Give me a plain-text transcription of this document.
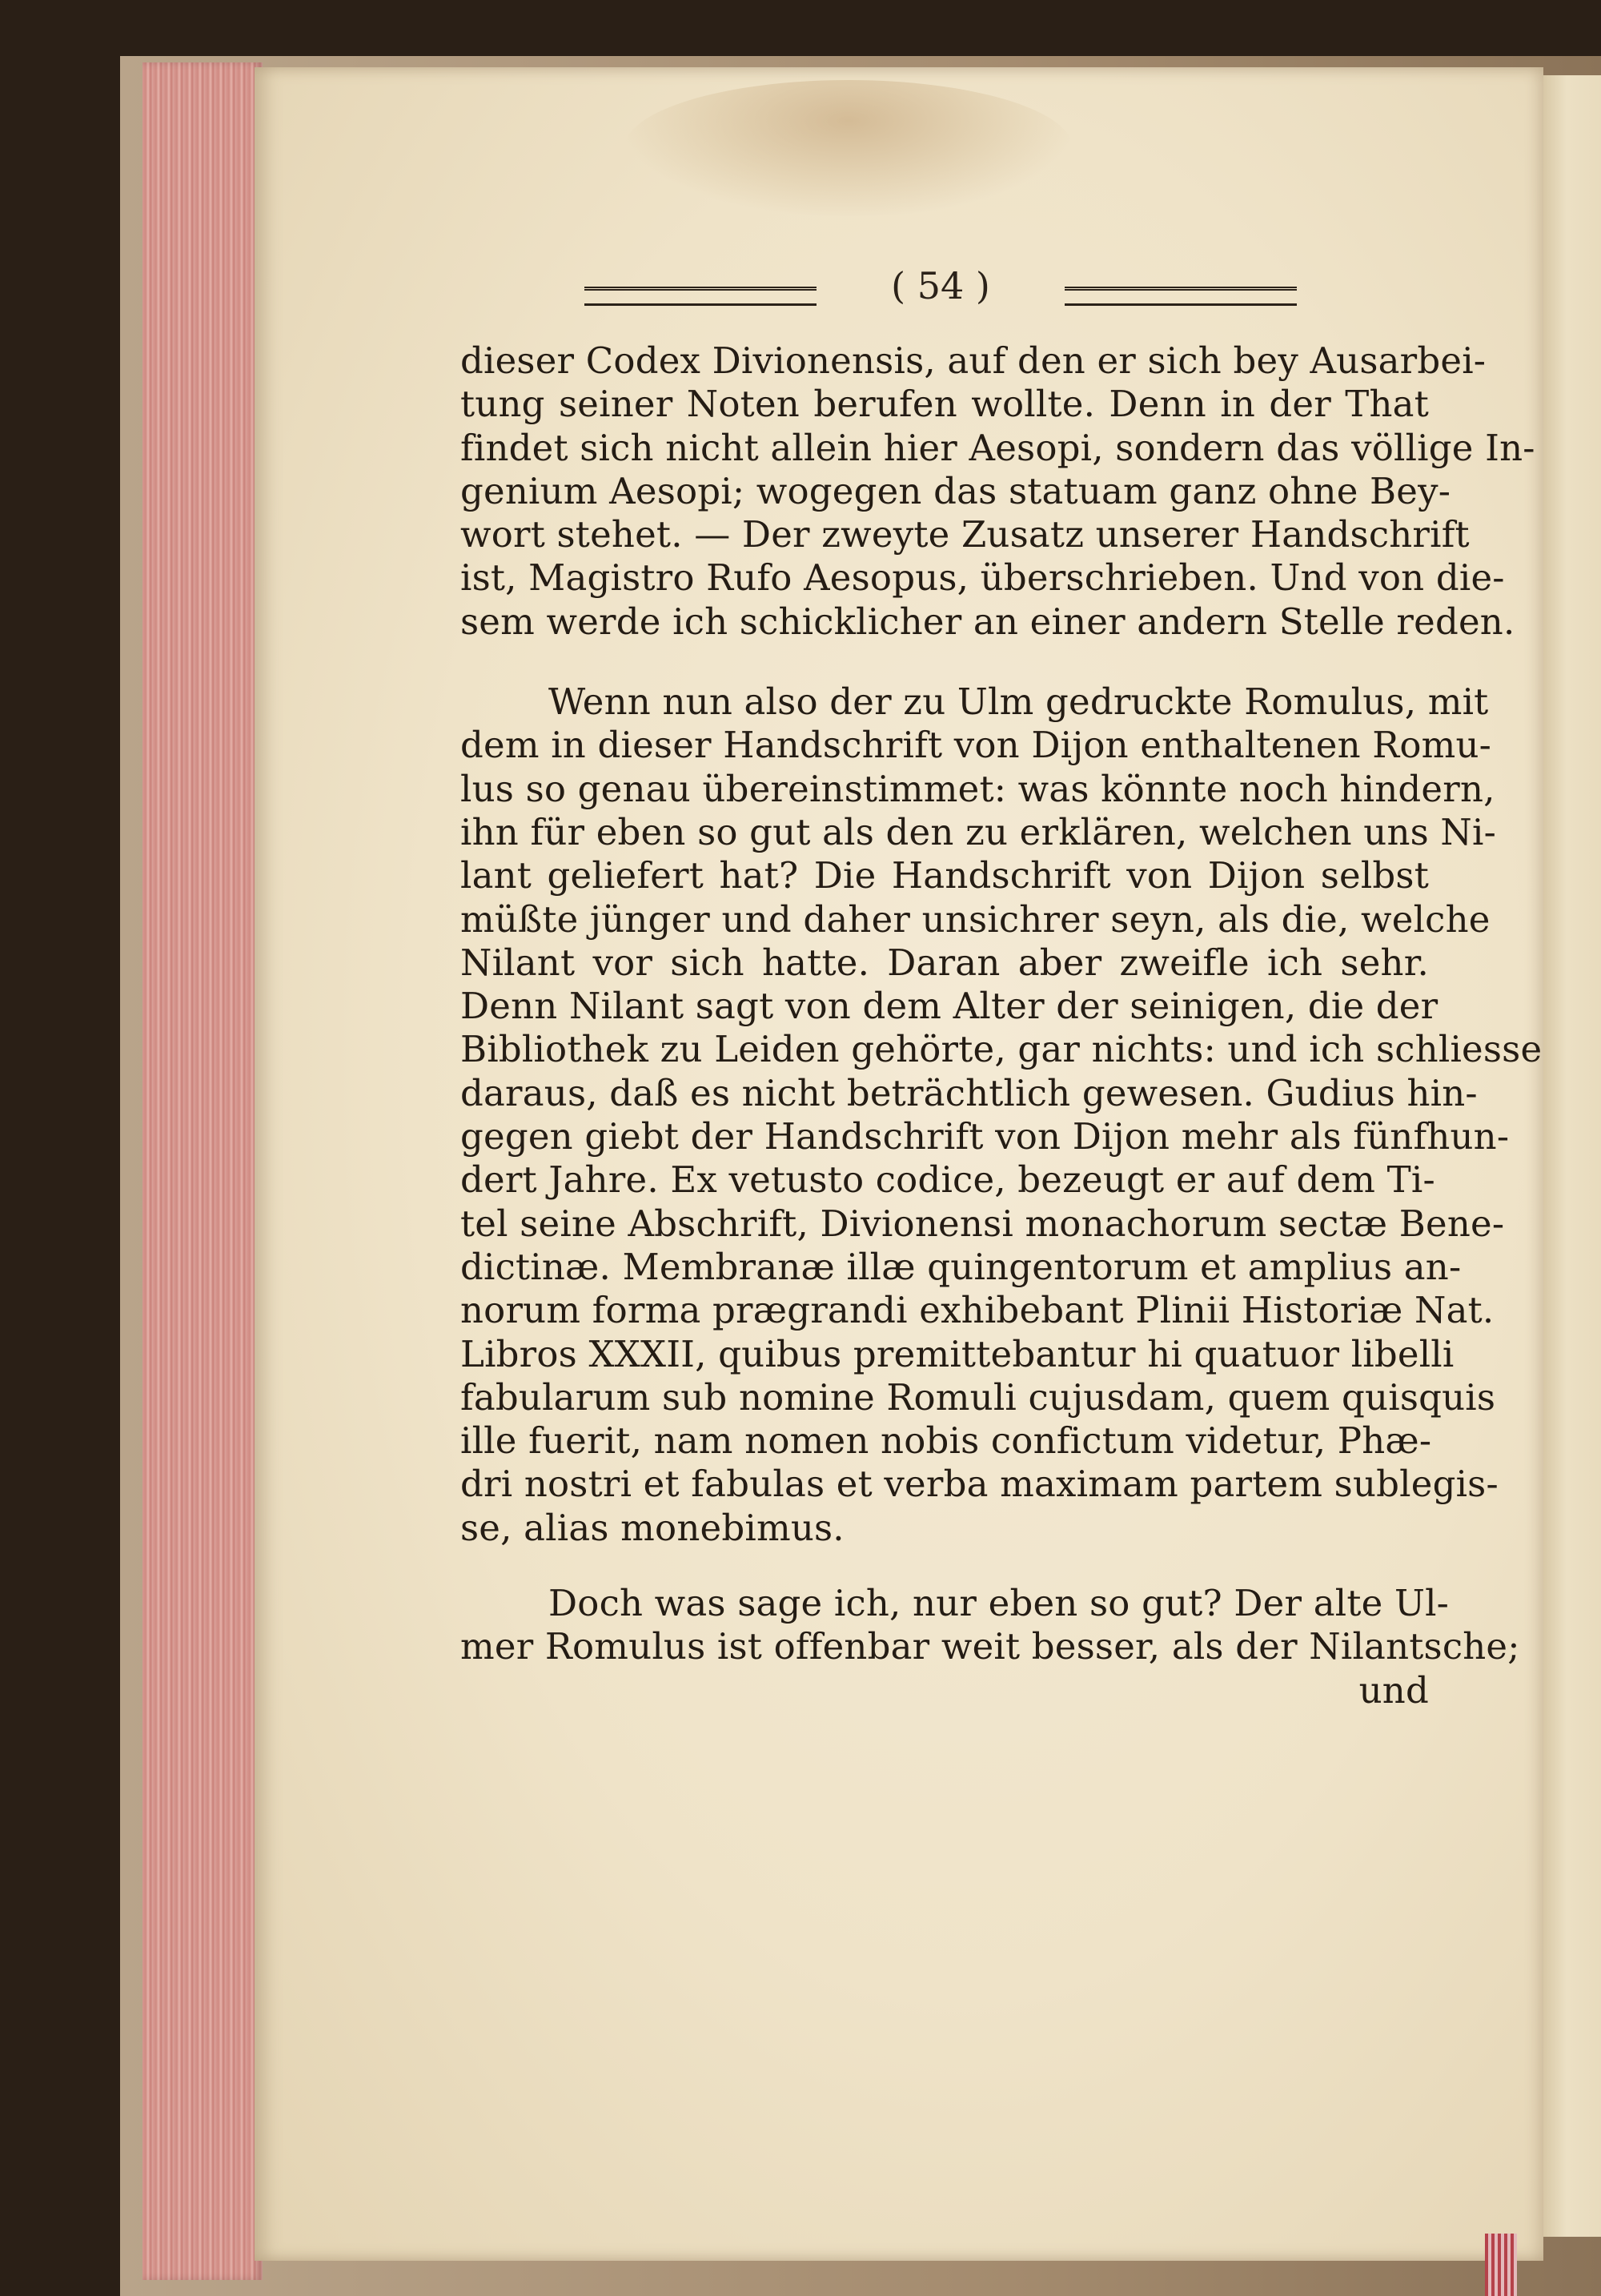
( 54 )
dieser Codex Divionensis, auf den er sich bey Ausarbei-
tung seiner Noten berufen wollte. Denn in der That
findet sich nicht allein hier Aesopi, sondern das völlige In-
genium Aesopi; wogegen das statuam ganz ohne Bey-
wort stehet. — Der zweyte Zusatz unserer Handschrift
ist, Magistro Rufo Aesopus, überschrieben. Und von die-
sem werde ich schicklicher an einer andern Stelle reden.
Wenn nun also der zu Ulm gedruckte Romulus, mit
dem in dieser Handschrift von Dijon enthaltenen Romu-
lus so genau übereinstimmet: was könnte noch hindern,
ihn für eben so gut als den zu erklären, welchen uns Ni-
lant geliefert hat? Die Handschrift von Dijon selbst
müßte jünger und daher unsichrer seyn, als die, welche
Nilant vor sich hatte. Daran aber zweifle ich sehr.
Denn Nilant sagt von dem Alter der seinigen, die der
Bibliothek zu Leiden gehörte, gar nichts: und ich schliesse
daraus, daß es nicht beträchtlich gewesen. Gudius hin-
gegen giebt der Handschrift von Dijon mehr als fünfhun-
dert Jahre. Ex vetusto codice, bezeugt er auf dem Ti-
tel seine Abschrift, Divionensi monachorum sectæ Bene-
dictinæ. Membranæ illæ quingentorum et amplius an-
norum forma prægrandi exhibebant Plinii Historiæ Nat.
Libros XXXII, quibus premittebantur hi quatuor libelli
fabularum sub nomine Romuli cujusdam, quem quisquis
ille fuerit, nam nomen nobis confictum videtur, Phæ-
dri nostri et fabulas et verba maximam partem sublegis-
se, alias monebimus.
Doch was sage ich, nur eben so gut? Der alte Ul-
mer Romulus ist offenbar weit besser, als der Nilantsche;
und
